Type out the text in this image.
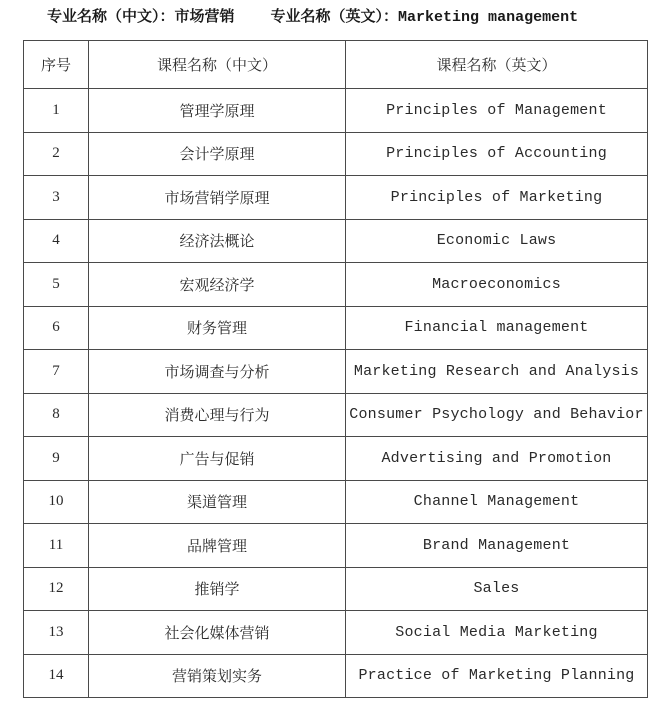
专业名称（中文）：市场营销 专业名称（英文）：Marketing management
序号	课程名称（中文）	课程名称（英文）
1	管理学原理	Principles of Management
2	会计学原理	Principles of Accounting
3	市场营销学原理	Principles of Marketing
4	经济法概论	Economic Laws
5	宏观经济学	Macroeconomics
6	财务管理	Financial management
7	市场调查与分析	Marketing Research and Analysis
8	消费心理与行为	Consumer Psychology and Behavior
9	广告与促销	Advertising and Promotion
10	渠道管理	Channel Management
11	品牌管理	Brand Management
12	推销学	Sales
13	社会化媒体营销	Social Media Marketing
14	营销策划实务	Practice of Marketing Planning
